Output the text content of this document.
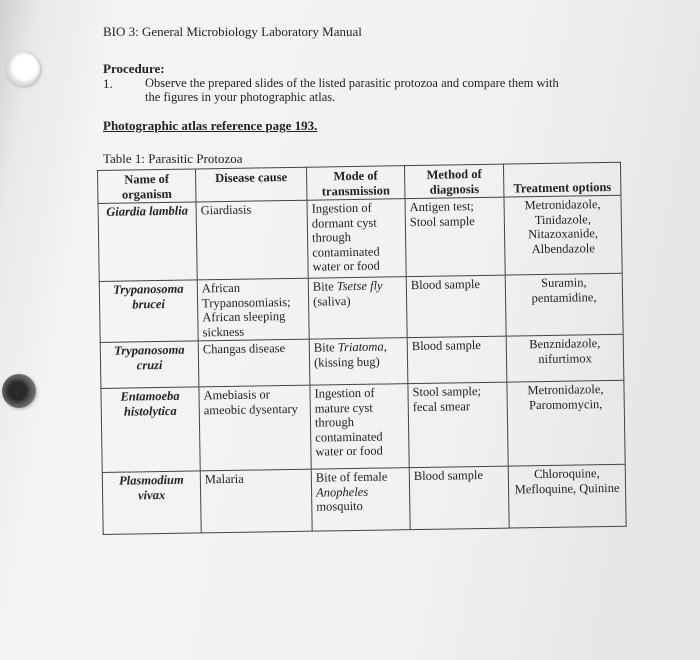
BIO 3: General Microbiology Laboratory Manual
Procedure:
1.	Observe the prepared slides of the listed parasitic protozoa and compare them with the figures in your photographic atlas.
Photographic atlas reference page 193.
Table 1: Parasitic Protozoa
Name of organism	Disease cause	Mode of transmission	Method of diagnosis	Treatment options
Giardia lamblia	Giardiasis	Ingestion of dormant cyst through contaminated water or food	Antigen test; Stool sample	Metronidazole, Tinidazole, Nitazoxanide, Albendazole
Trypanosoma brucei	African Trypanosomiasis; African sleeping sickness	Bite Tsetse fly (saliva)	Blood sample	Suramin, pentamidine,
Trypanosoma cruzi	Changas disease	Bite Triatoma, (kissing bug)	Blood sample	Benznidazole, nifurtimox
Entamoeba histolytica	Amebiasis or ameobic dysentary	Ingestion of mature cyst through contaminated water or food	Stool sample; fecal smear	Metronidazole, Paromomycin,
Plasmodium vivax	Malaria	Bite of female Anopheles mosquito	Blood sample	Chloroquine, Mefloquine, Quinine
